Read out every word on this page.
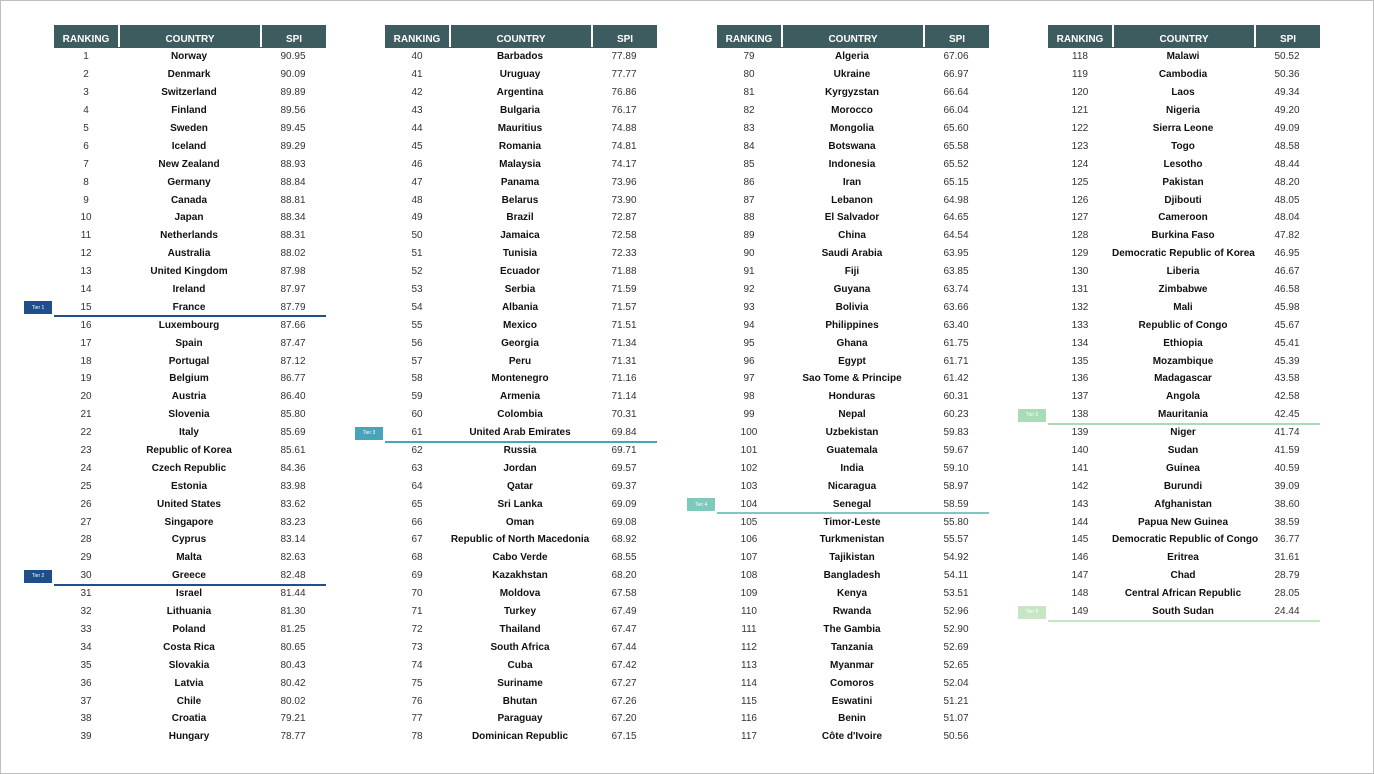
RANKING	COUNTRY	SPI
1	Norway	90.95
2	Denmark	90.09
3	Switzerland	89.89
4	Finland	89.56
5	Sweden	89.45
6	Iceland	89.29
7	New Zealand	88.93
8	Germany	88.84
9	Canada	88.81
10	Japan	88.34
11	Netherlands	88.31
12	Australia	88.02
13	United Kingdom	87.98
14	Ireland	87.97
15	France	87.79
Tier 1
16	Luxembourg	87.66
17	Spain	87.47
18	Portugal	87.12
19	Belgium	86.77
20	Austria	86.40
21	Slovenia	85.80
22	Italy	85.69
23	Republic of Korea	85.61
24	Czech Republic	84.36
25	Estonia	83.98
26	United States	83.62
27	Singapore	83.23
28	Cyprus	83.14
29	Malta	82.63
30	Greece	82.48
Tier 2
31	Israel	81.44
32	Lithuania	81.30
33	Poland	81.25
34	Costa Rica	80.65
35	Slovakia	80.43
36	Latvia	80.42
37	Chile	80.02
38	Croatia	79.21
39	Hungary	78.77
RANKING	COUNTRY	SPI
40	Barbados	77.89
41	Uruguay	77.77
42	Argentina	76.86
43	Bulgaria	76.17
44	Mauritius	74.88
45	Romania	74.81
46	Malaysia	74.17
47	Panama	73.96
48	Belarus	73.90
49	Brazil	72.87
50	Jamaica	72.58
51	Tunisia	72.33
52	Ecuador	71.88
53	Serbia	71.59
54	Albania	71.57
55	Mexico	71.51
56	Georgia	71.34
57	Peru	71.31
58	Montenegro	71.16
59	Armenia	71.14
60	Colombia	70.31
61	United Arab Emirates	69.84
Tier 3
62	Russia	69.71
63	Jordan	69.57
64	Qatar	69.37
65	Sri Lanka	69.09
66	Oman	69.08
67	Republic of North Macedonia	68.92
68	Cabo Verde	68.55
69	Kazakhstan	68.20
70	Moldova	67.58
71	Turkey	67.49
72	Thailand	67.47
73	South Africa	67.44
74	Cuba	67.42
75	Suriname	67.27
76	Bhutan	67.26
77	Paraguay	67.20
78	Dominican Republic	67.15
RANKING	COUNTRY	SPI
79	Algeria	67.06
80	Ukraine	66.97
81	Kyrgyzstan	66.64
82	Morocco	66.04
83	Mongolia	65.60
84	Botswana	65.58
85	Indonesia	65.52
86	Iran	65.15
87	Lebanon	64.98
88	El Salvador	64.65
89	China	64.54
90	Saudi Arabia	63.95
91	Fiji	63.85
92	Guyana	63.74
93	Bolivia	63.66
94	Philippines	63.40
95	Ghana	61.75
96	Egypt	61.71
97	Sao Tome & Principe	61.42
98	Honduras	60.31
99	Nepal	60.23
100	Uzbekistan	59.83
101	Guatemala	59.67
102	India	59.10
103	Nicaragua	58.97
104	Senegal	58.59
Tier 4
105	Timor-Leste	55.80
106	Turkmenistan	55.57
107	Tajikistan	54.92
108	Bangladesh	54.11
109	Kenya	53.51
110	Rwanda	52.96
111	The Gambia	52.90
112	Tanzania	52.69
113	Myanmar	52.65
114	Comoros	52.04
115	Eswatini	51.21
116	Benin	51.07
117	Côte d'Ivoire	50.56
RANKING	COUNTRY	SPI
118	Malawi	50.52
119	Cambodia	50.36
120	Laos	49.34
121	Nigeria	49.20
122	Sierra Leone	49.09
123	Togo	48.58
124	Lesotho	48.44
125	Pakistan	48.20
126	Djibouti	48.05
127	Cameroon	48.04
128	Burkina Faso	47.82
129	Democratic Republic of Korea	46.95
130	Liberia	46.67
131	Zimbabwe	46.58
132	Mali	45.98
133	Republic of Congo	45.67
134	Ethiopia	45.41
135	Mozambique	45.39
136	Madagascar	43.58
137	Angola	42.58
138	Mauritania	42.45
Tier 5
139	Niger	41.74
140	Sudan	41.59
141	Guinea	40.59
142	Burundi	39.09
143	Afghanistan	38.60
144	Papua New Guinea	38.59
145	Democratic Republic of Congo	36.77
146	Eritrea	31.61
147	Chad	28.79
148	Central African Republic	28.05
149	South Sudan	24.44
Tier 6
